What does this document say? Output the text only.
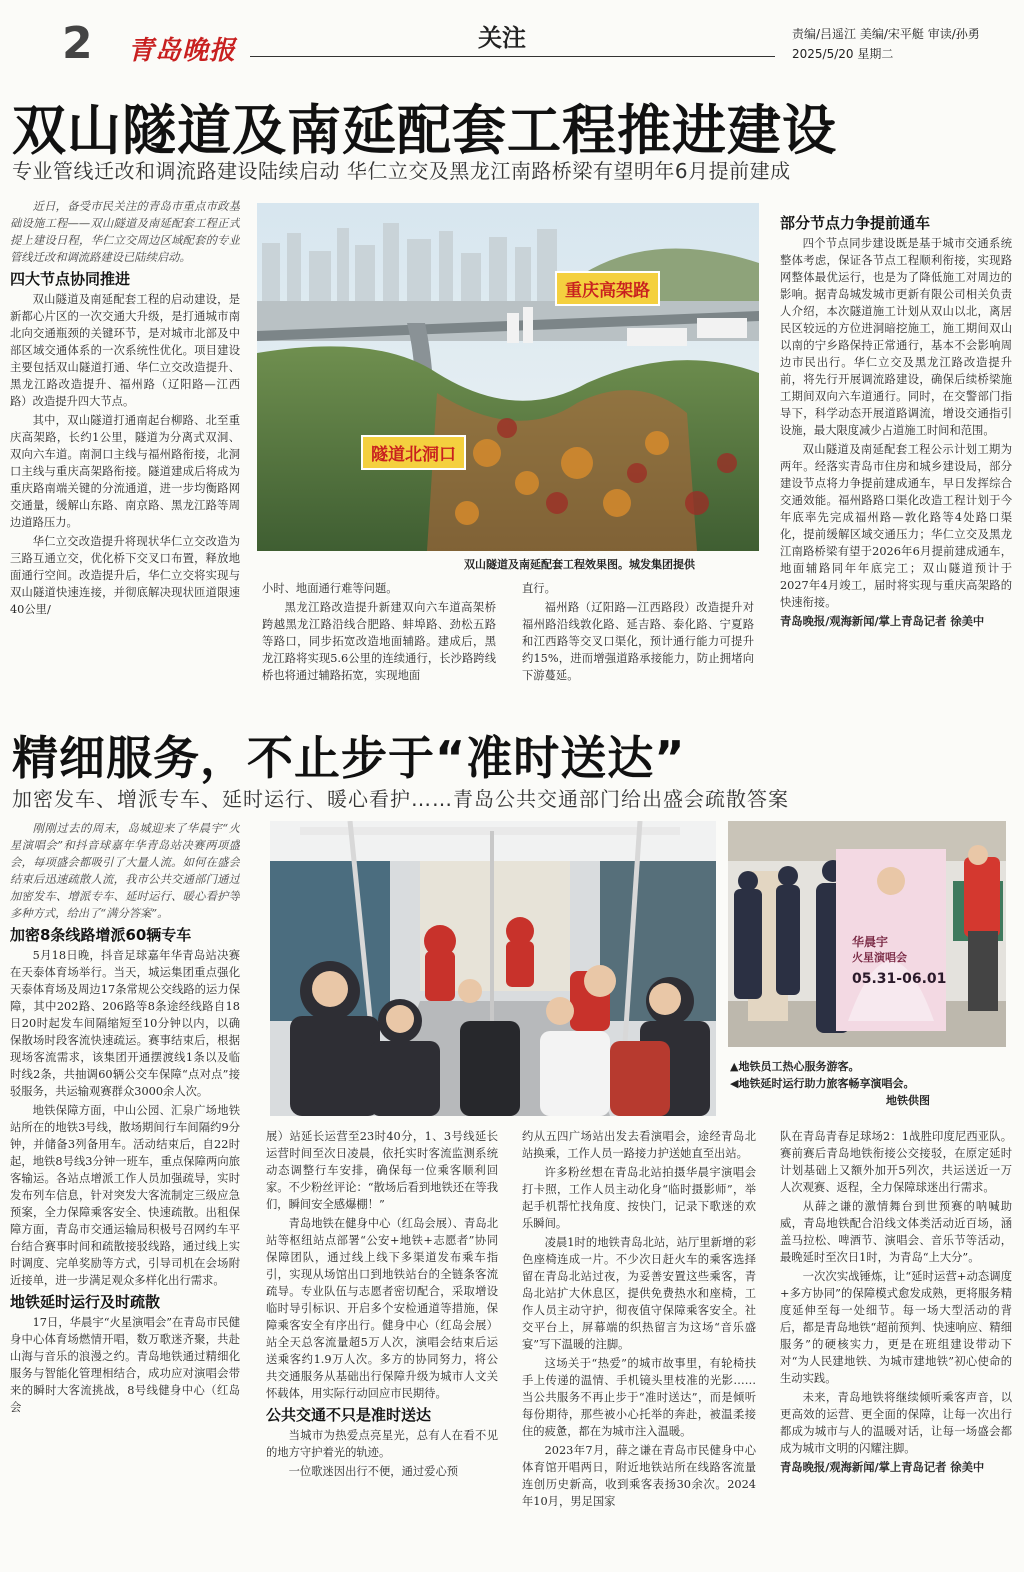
2 青岛晚报	关注	责编/吕遥江 美编/宋平艇 审读/孙勇
2025/5/20 星期二
双山隧道及南延配套工程推进建设
专业管线迁改和调流路建设陆续启动 华仁立交及黑龙江南路桥梁有望明年6月提前建成

近日，备受市民关注的青岛市重点市政基础设施工程——双山隧道及南延配套工程正式提上建设日程，华仁立交周边区域配套的专业管线迁改和调流路建设已陆续启动。

四大节点协同推进

双山隧道及南延配套工程的启动建设，是新都心片区的一次交通大升级，是打通城市南北向交通瓶颈的关键环节，是对城市北部及中部区域交通体系的一次系统性优化。项目建设主要包括双山隧道打通、华仁立交改造提升、黑龙江路改造提升、福州路（辽阳路—江西路）改造提升四大节点。

其中，双山隧道打通南起台柳路、北至重庆高架路，长约1公里，隧道为分离式双洞、双向六车道。南洞口主线与福州路衔接，北洞口主线与重庆高架路衔接。隧道建成后将成为重庆路南端关键的分流通道，进一步均衡路网交通量，缓解山东路、南京路、黑龙江路等周边道路压力。

华仁立交改造提升将现状华仁立交改造为三路互通立交，优化桥下交叉口布置，释放地面通行空间。改造提升后，华仁立交将实现与双山隧道快速连接，并彻底解决现状匝道限速40公里/

重庆高架路
隧道北洞口
双山隧道及南延配套工程效果图。城发集团提供

小时、地面通行难等问题。

黑龙江路改造提升新建双向六车道高架桥跨越黑龙江路沿线合肥路、蚌埠路、劲松五路等路口，同步拓宽改造地面辅路。建成后，黑龙江路将实现5.6公里的连续通行，长沙路跨线桥也将通过辅路拓宽，实现地面

直行。

福州路（辽阳路—江西路段）改造提升对福州路沿线敦化路、延吉路、泰化路、宁夏路和江西路等交叉口渠化，预计通行能力可提升约15%，进而增强道路承接能力，防止拥堵向下游蔓延。

部分节点力争提前通车

四个节点同步建设既是基于城市交通系统整体考虑，保证各节点工程顺利衔接，实现路网整体最优运行，也是为了降低施工对周边的影响。据青岛城发城市更新有限公司相关负责人介绍，本次隧道施工计划从双山以北，离居民区较远的方位进洞暗挖施工，施工期间双山以南的宁乡路保持正常通行，基本不会影响周边市民出行。华仁立交及黑龙江路改造提升前，将先行开展调流路建设，确保后续桥梁施工期间双向六车道通行。同时，在交警部门指导下，科学动态开展道路调流，增设交通指引设施，最大限度减少占道施工时间和范围。

双山隧道及南延配套工程公示计划工期为两年。经落实青岛市住房和城乡建设局，部分建设节点将力争提前建成通车，早日发挥综合交通效能。福州路路口渠化改造工程计划于今年底率先完成福州路—敦化路等4处路口渠化，提前缓解区域交通压力；华仁立交及黑龙江南路桥梁有望于2026年6月提前建成通车，地面辅路同年年底完工；双山隧道预计于2027年4月竣工，届时将实现与重庆高架路的快速衔接。

青岛晚报/观海新闻/掌上青岛记者 徐美中

精细服务，不止步于“准时送达”
加密发车、增派专车、延时运行、暖心看护……青岛公共交通部门给出盛会疏散答案

刚刚过去的周末，岛城迎来了华晨宇“火星演唱会”和抖音球嘉年华青岛站决赛两项盛会，每项盛会都吸引了大量人流。如何在盛会结束后迅速疏散人流，我市公共交通部门通过加密发车、增派专车、延时运行、暖心看护等多种方式，给出了“满分答案”。

加密8条线路增派60辆专车

5月18日晚，抖音足球嘉年华青岛站决赛在天泰体育场举行。当天，城运集团重点强化天泰体育场及周边17条常规公交线路的运力保障，其中202路、206路等8条途经线路自18日20时起发车间隔缩短至10分钟以内，以确保散场时段客流快速疏运。赛事结束后，根据现场客流需求，该集团开通摆渡线1条以及临时线2条，共抽调60辆公交车保障“点对点”接驳服务，共运输观赛群众3000余人次。

地铁保障方面，中山公园、汇泉广场地铁站所在的地铁3号线，散场期间行车间隔约9分钟，并储备3列备用车。活动结束后，自22时起，地铁8号线3分钟一班车，重点保障两向旅客输运。各站点增派工作人员加强疏导，实时发布列车信息，针对突发大客流制定三级应急预案，全力保障乘客安全、快速疏散。出租保障方面，青岛市交通运输局积极号召网约车平台结合赛事时间和疏散接驳线路，通过线上实时调度、完单奖励等方式，引导司机在会场附近接单，进一步满足观众多样化出行需求。

地铁延时运行及时疏散

17日，华晨宇“火星演唱会”在青岛市民健身中心体育场燃情开唱，数万歌迷齐聚，共赴山海与音乐的浪漫之约。青岛地铁通过精细化服务与智能化管理相结合，成功应对演唱会带来的瞬时大客流挑战，8号线健身中心（红岛会

华晨宇
火星演唱会
05.31-06.01
▲地铁员工热心服务游客。
◀地铁延时运行助力旅客畅享演唱会。
地铁供图

展）站延长运营至23时40分，1、3号线延长运营时间至次日凌晨，依托实时客流监测系统动态调整行车安排，确保每一位乘客顺利回家。不少粉丝评论：“散场后看到地铁还在等我们，瞬间安全感爆棚！”

青岛地铁在健身中心（红岛会展）、青岛北站等枢纽站点部署“公安+地铁+志愿者”协同保障团队，通过线上线下多渠道发布乘车指引，实现从场馆出口到地铁站台的全链条客流疏导。专业队伍与志愿者密切配合，采取增设临时导引标识、开启多个安检通道等措施，保障乘客安全有序出行。健身中心（红岛会展）站全天总客流量超5万人次，演唱会结束后运送乘客约1.9万人次。多方的协同努力，将公共交通服务从基础出行保障升级为城市人文关怀载体，用实际行动回应市民期待。

公共交通不只是准时送达

当城市为热爱点亮星光，总有人在看不见的地方守护着光的轨迹。

一位歌迷因出行不便，通过爱心预

约从五四广场站出发去看演唱会，途经青岛北站换乘，工作人员一路接力护送她直至出站。

许多粉丝想在青岛北站拍摄华晨宇演唱会打卡照，工作人员主动化身“临时摄影师”，举起手机帮忙找角度、按快门，记录下歌迷的欢乐瞬间。

凌晨1时的地铁青岛北站，站厅里新增的彩色座椅连成一片。不少次日赶火车的乘客选择留在青岛北站过夜，为妥善安置这些乘客，青岛北站扩大休息区，提供免费热水和座椅，工作人员主动守护，彻夜值守保障乘客安全。社交平台上，屏幕端的织热留言为这场“音乐盛宴”写下温暖的注脚。

这场关于“热爱”的城市故事里，有轮椅扶手上传递的温情、手机镜头里枝准的光影……当公共服务不再止步于“准时送达”，而是倾听每份期待，那些被小心托举的奔赴，被温柔接住的疲惫，都在为城市注入温暖。

2023年7月，薛之谦在青岛市民健身中心体育馆开唱两日，附近地铁站所在线路客流量连创历史新高，收到乘客表扬30余次。2024年10月，男足国家

队在青岛青春足球场2：1战胜印度尼西亚队。赛前赛后青岛地铁衔接公交接驳，在原定延时计划基础上又额外加开5列次，共运送近一万人次观赛、返程，全力保障球迷出行需求。

从薛之谦的激情舞台到世预赛的呐喊助威，青岛地铁配合沿线文体类活动近百场，涵盖马拉松、啤酒节、演唱会、音乐节等活动，最晚延时至次日1时，为青岛“上大分”。

一次次实战锤炼，让“延时运营+动态调度+多方协同”的保障模式愈发成熟，更将服务精度延伸至每一处细节。每一场大型活动的背后，都是青岛地铁“超前预判、快速响应、精细服务”的硬核实力，更是在班组建设带动下对“为人民建地铁、为城市建地铁”初心使命的生动实践。

未来，青岛地铁将继续倾听乘客声音，以更高效的运营、更全面的保障，让每一次出行都成为城市与人的温暖对话，让每一场盛会都成为城市文明的闪耀注脚。

青岛晚报/观海新闻/掌上青岛记者 徐美中
